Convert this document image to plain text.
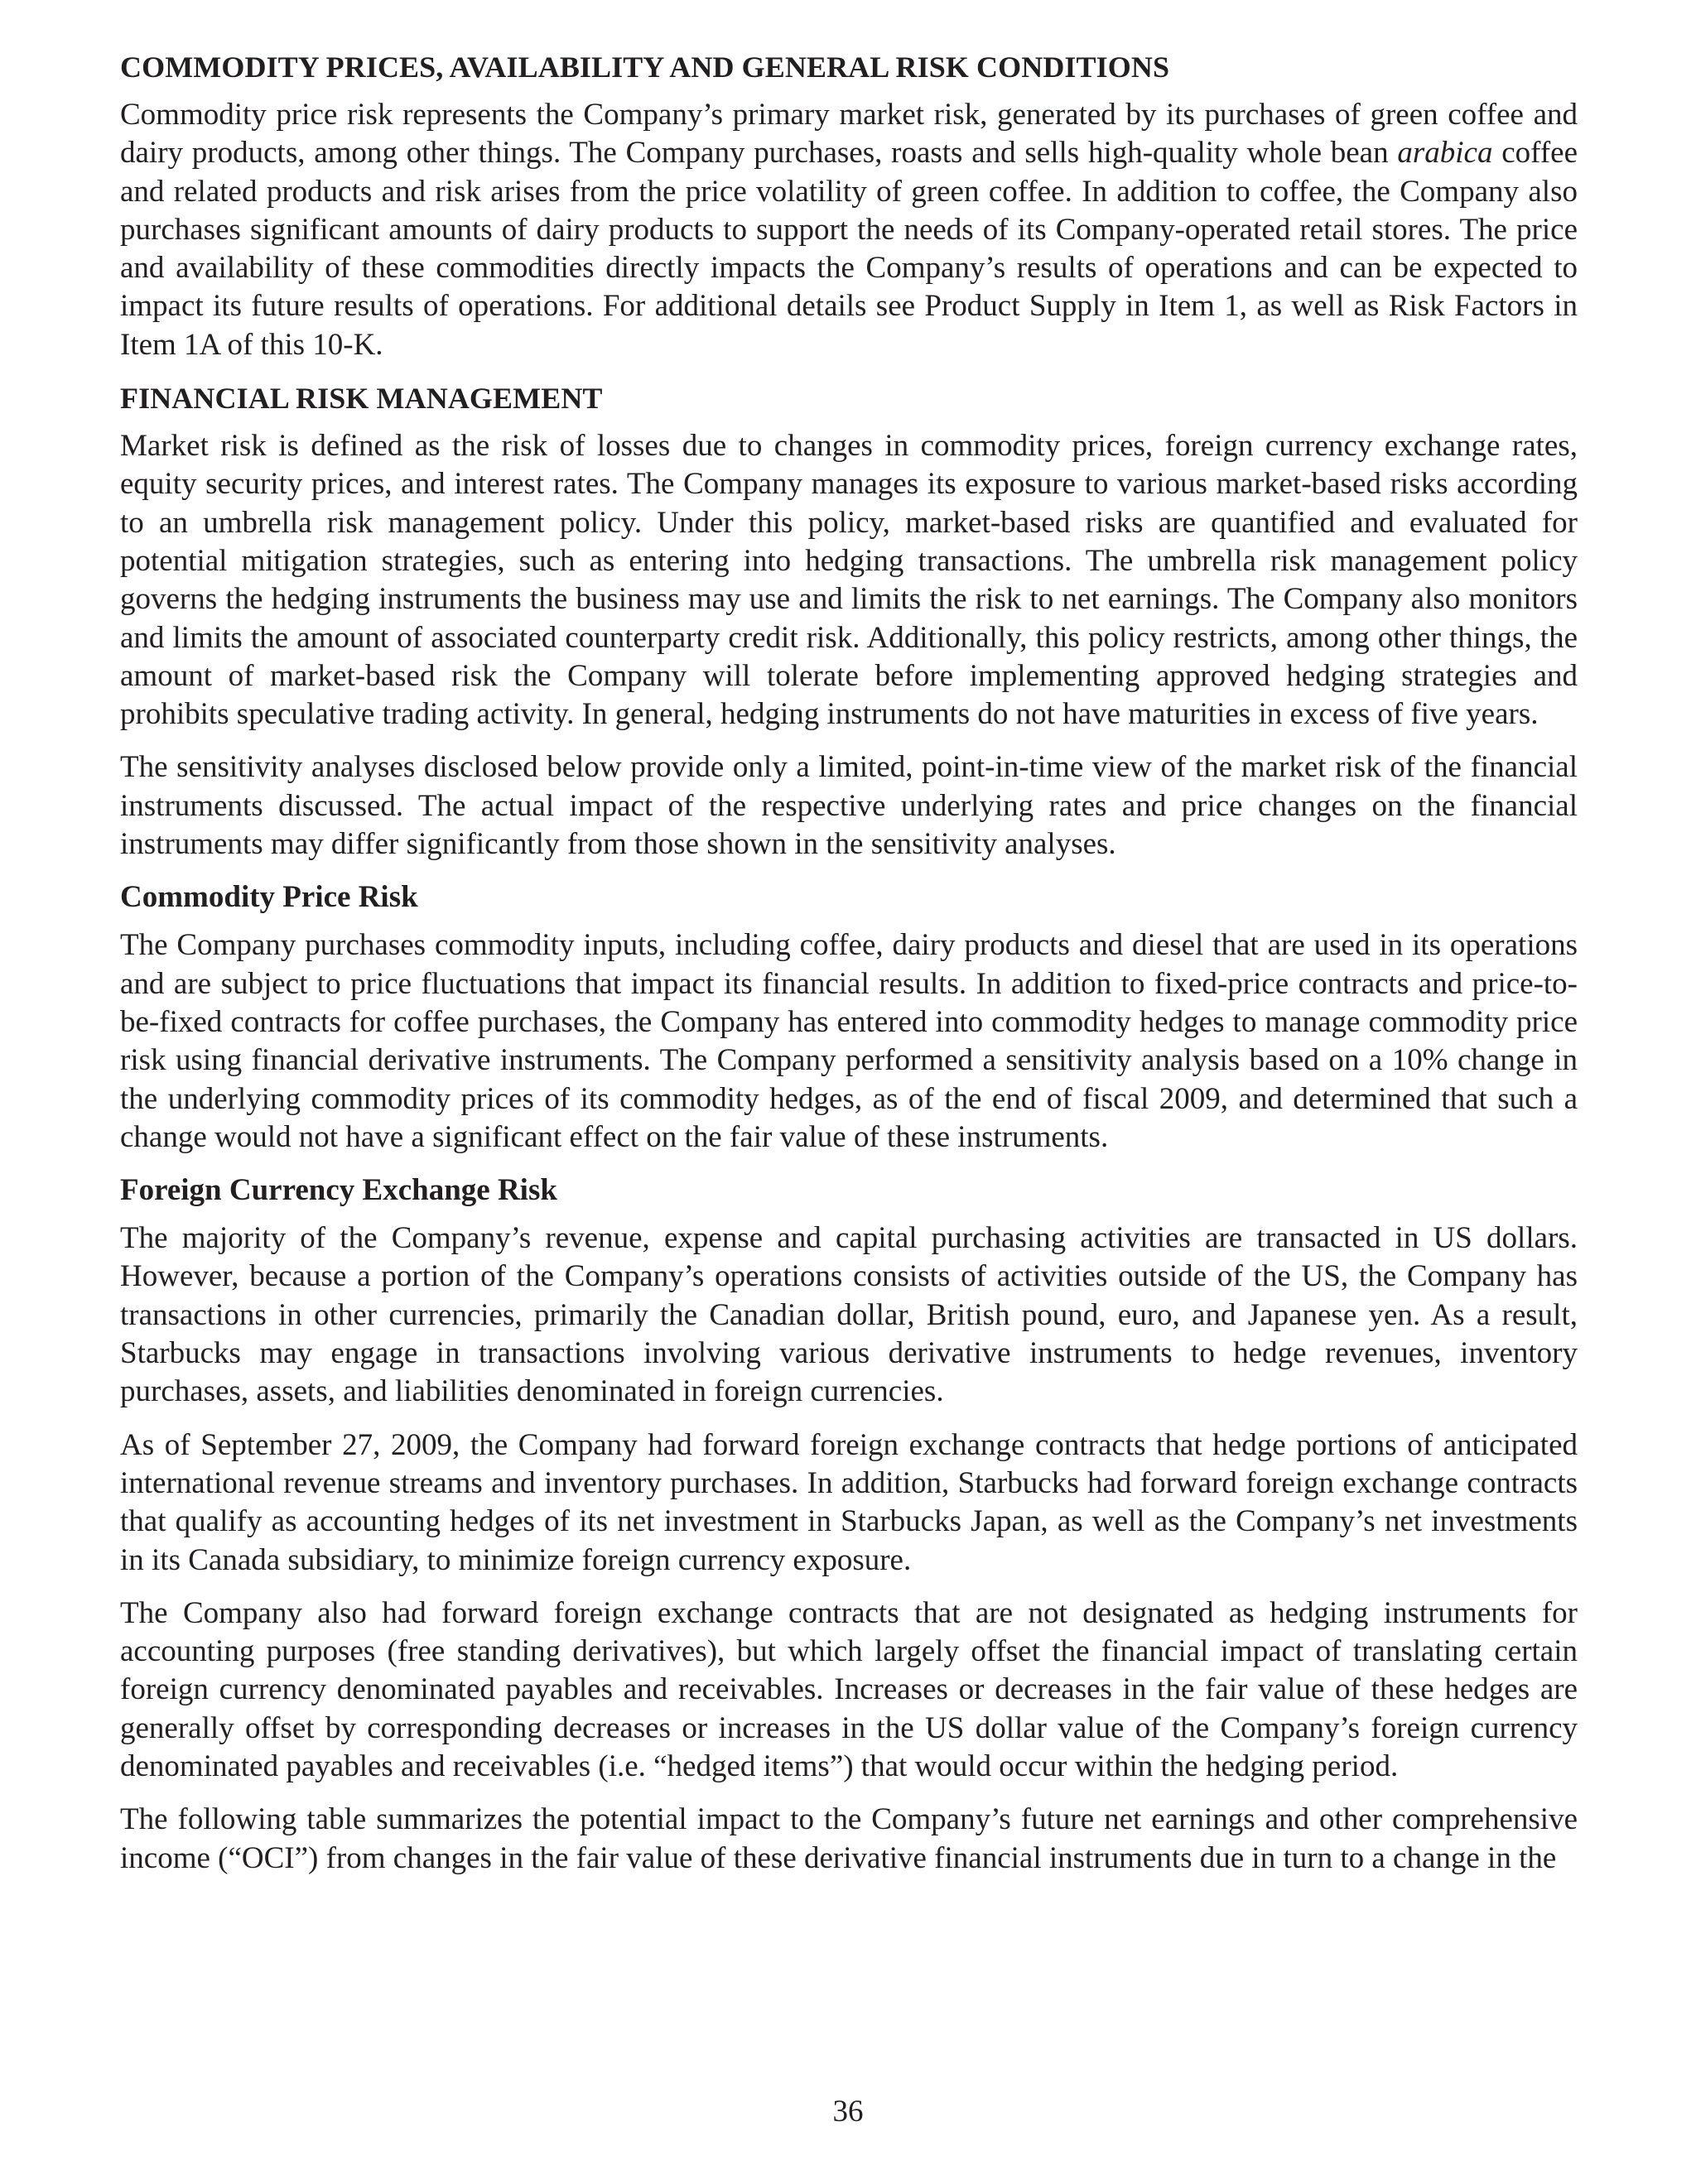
COMMODITY PRICES, AVAILABILITY AND GENERAL RISK CONDITIONS

Commodity price risk represents the Company’s primary market risk, generated by its purchases of green coffee and dairy products, among other things. The Company purchases, roasts and sells high-quality whole bean arabica coffee and related products and risk arises from the price volatility of green coffee. In addition to coffee, the Company also purchases significant amounts of dairy products to support the needs of its Company-operated retail stores. The price and availability of these commodities directly impacts the Company’s results of operations and can be expected to impact its future results of operations. For additional details see Product Supply in Item 1, as well as Risk Factors in Item 1A of this 10-K.

FINANCIAL RISK MANAGEMENT

Market risk is defined as the risk of losses due to changes in commodity prices, foreign currency exchange rates, equity security prices, and interest rates. The Company manages its exposure to various market-based risks according to an umbrella risk management policy. Under this policy, market-based risks are quantified and evaluated for potential mitigation strategies, such as entering into hedging transactions. The umbrella risk management policy governs the hedging instruments the business may use and limits the risk to net earnings. The Company also monitors and limits the amount of associated counterparty credit risk. Additionally, this policy restricts, among other things, the amount of market-based risk the Company will tolerate before implementing approved hedging strategies and prohibits speculative trading activity. In general, hedging instruments do not have maturities in excess of five years.

The sensitivity analyses disclosed below provide only a limited, point-in-time view of the market risk of the financial instruments discussed. The actual impact of the respective underlying rates and price changes on the financial instruments may differ significantly from those shown in the sensitivity analyses.

Commodity Price Risk

The Company purchases commodity inputs, including coffee, dairy products and diesel that are used in its operations and are subject to price fluctuations that impact its financial results. In addition to fixed-price contracts and price-to-be-fixed contracts for coffee purchases, the Company has entered into commodity hedges to manage commodity price risk using financial derivative instruments. The Company performed a sensitivity analysis based on a 10% change in the underlying commodity prices of its commodity hedges, as of the end of fiscal 2009, and determined that such a change would not have a significant effect on the fair value of these instruments.

Foreign Currency Exchange Risk

The majority of the Company’s revenue, expense and capital purchasing activities are transacted in US dollars. However, because a portion of the Company’s operations consists of activities outside of the US, the Company has transactions in other currencies, primarily the Canadian dollar, British pound, euro, and Japanese yen. As a result, Starbucks may engage in transactions involving various derivative instruments to hedge revenues, inventory purchases, assets, and liabilities denominated in foreign currencies.

As of September 27, 2009, the Company had forward foreign exchange contracts that hedge portions of anticipated international revenue streams and inventory purchases. In addition, Starbucks had forward foreign exchange contracts that qualify as accounting hedges of its net investment in Starbucks Japan, as well as the Company’s net investments in its Canada subsidiary, to minimize foreign currency exposure.

The Company also had forward foreign exchange contracts that are not designated as hedging instruments for accounting purposes (free standing derivatives), but which largely offset the financial impact of translating certain foreign currency denominated payables and receivables. Increases or decreases in the fair value of these hedges are generally offset by corresponding decreases or increases in the US dollar value of the Company’s foreign currency denominated payables and receivables (i.e. “hedged items”) that would occur within the hedging period.

The following table summarizes the potential impact to the Company’s future net earnings and other comprehensive income (“OCI”) from changes in the fair value of these derivative financial instruments due in turn to a change in the

36
